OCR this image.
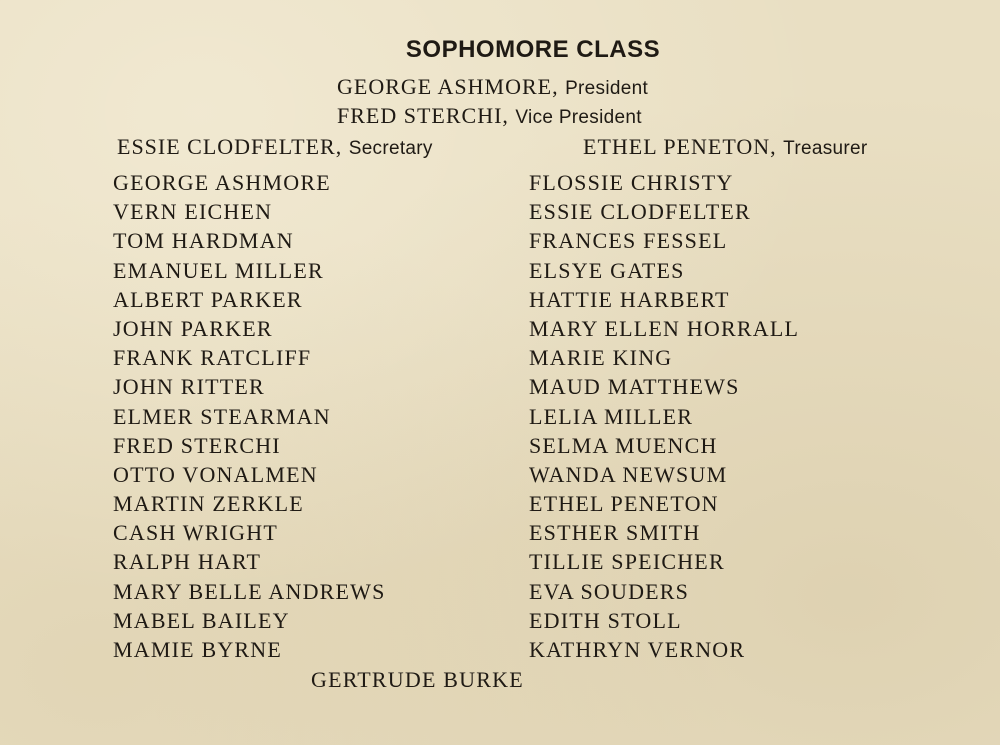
SOPHOMORE CLASS
GEORGE ASHMORE, President
FRED STERCHI, Vice President
ESSIE CLODFELTER, Secretary	ETHEL PENETON, Treasurer
GEORGE ASHMORE
VERN EICHEN
TOM HARDMAN
EMANUEL MILLER
ALBERT PARKER
JOHN PARKER
FRANK RATCLIFF
JOHN RITTER
ELMER STEARMAN
FRED STERCHI
OTTO VONALMEN
MARTIN ZERKLE
CASH WRIGHT
RALPH HART
MARY BELLE ANDREWS
MABEL BAILEY
MAMIE BYRNE
FLOSSIE CHRISTY
ESSIE CLODFELTER
FRANCES FESSEL
ELSYE GATES
HATTIE HARBERT
MARY ELLEN HORRALL
MARIE KING
MAUD MATTHEWS
LELIA MILLER
SELMA MUENCH
WANDA NEWSUM
ETHEL PENETON
ESTHER SMITH
TILLIE SPEICHER
EVA SOUDERS
EDITH STOLL
KATHRYN VERNOR
GERTRUDE BURKE
